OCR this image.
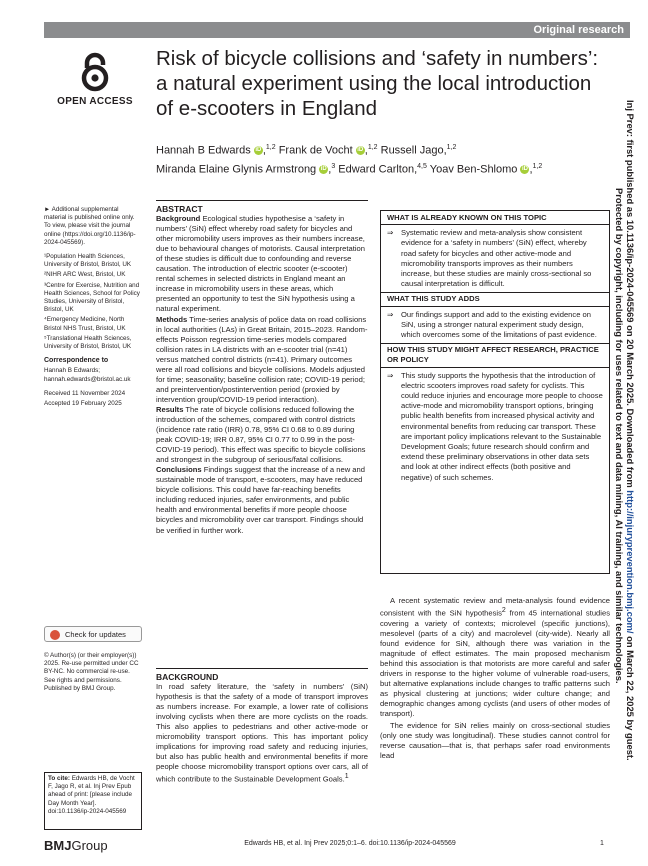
Original research
OPEN ACCESS
Risk of bicycle collisions and ‘safety in numbers’: a natural experiment using the local introduction of e-scooters in England
Hannah B Edwards iD ,$^{1,2}$ Frank de Vocht iD ,$^{1,2}$ Russell Jago,$^{1,2}$
Miranda Elaine Glynis Armstrong iD ,$^3$ Edward Carlton,$^{4,5}$ Yoav Ben-Shlomo iD ,$^{1,2}$

► Additional supplemental material is published online only. To view, please visit the journal online (https://doi.org/10.1136/ip-2024-045569).

¹Population Health Sciences, University of Bristol, Bristol, UK

²NIHR ARC West, Bristol, UK

³Centre for Exercise, Nutrition and Health Sciences, School for Policy Studies, University of Bristol, Bristol, UK

⁴Emergency Medicine, North Bristol NHS Trust, Bristol, UK

⁵Translational Health Sciences, University of Bristol, Bristol, UK

Correspondence to

Hannah B Edwards; hannah.edwards@bristol.ac.uk

Received 11 November 2024

Accepted 19 February 2025

Check for updates

© Author(s) (or their employer(s)) 2025. Re-use permitted under CC BY-NC. No commercial re-use. See rights and permissions. Published by BMJ Group.

To cite: Edwards HB, de Vocht F, Jago R, et al. Inj Prev Epub ahead of print: [please include Day Month Year]. doi:10.1136/ip-2024-045569

ABSTRACT

Background Ecological studies hypothesise a ‘safety in numbers’ (SiN) effect whereby road safety for bicycles and other micromobility users improves as their numbers increase, due to behavioural changes of motorists. Causal interpretation of these studies is difficult due to confounding and reverse causation. The introduction of electric scooter (e-scooter) rental schemes in selected districts in England meant an increase in micromobility users in these areas, which presented an opportunity to test the SiN hypothesis using a natural experiment.

Methods Time-series analysis of police data on road collisions in local authorities (LAs) in Great Britain, 2015–2023. Random-effects Poisson regression time-series models compared collision rates in LA districts with an e-scooter trial (n=41) versus matched control districts (n=41). Primary outcomes were all road collisions and bicycle collisions. Models adjusted for time; seasonality; baseline collision rate; COVID-19 period; and preintervention/postintervention period (proxied by intervention group/COVID-19 period interaction).

Results The rate of bicycle collisions reduced following the introduction of the schemes, compared with control districts (incidence rate ratio (IRR) 0.78, 95% CI 0.68 to 0.89 during peak COVID-19; IRR 0.87, 95% CI 0.77 to 0.99 in the post-COVID-19 period). This effect was specific to bicycle collisions and strongest in the subgroup of serious/fatal collisions.

Conclusions Findings suggest that the increase of a new and sustainable mode of transport, e-scooters, may have reduced bicycle collisions. This could have far-reaching benefits including reduced injuries, safer environments, and public health and environmental benefits if more people choose bicycles and micromobility over car transport. Findings should be verified in further work.

WHAT IS ALREADY KNOWN ON THIS TOPIC
⇒ Systematic review and meta-analysis show consistent evidence for a ‘safety in numbers’ (SiN) effect, whereby road safety for bicycles and other active-mode and micromobility transports improves as their numbers increase, but these studies are mainly cross-sectional so causal interpretation is difficult.
WHAT THIS STUDY ADDS
⇒ Our findings support and add to the existing evidence on SiN, using a stronger natural experiment study design, which overcomes some of the limitations of past evidence.
HOW THIS STUDY MIGHT AFFECT RESEARCH, PRACTICE OR POLICY
⇒ This study supports the hypothesis that the introduction of electric scooters improves road safety for cyclists. This could reduce injuries and encourage more people to choose active-mode and micromobility transport options, bringing public health benefits from increased physical activity and environmental benefits from reducing car transport. These are important policy implications relevant to the Sustainable Development Goals; future research should confirm and extend these preliminary observations in other data sets and look at other indirect effects (both positive and negative) of such schemes.

BACKGROUND

In road safety literature, the ‘safety in numbers’ (SiN) hypothesis is that the safety of a mode of transport improves as numbers increase. For example, a lower rate of collisions involving cyclists when there are more cyclists on the roads. This also applies to pedestrians and other active-mode or micromobility transport options. This has important policy implications for improving road safety and reducing injuries, but also has public health and environmental benefits if more people choose micromobility transport options over cars, all of which contribute to the Sustainable Development Goals.$^1$

A recent systematic review and meta-analysis found evidence consistent with the SiN hypothesis$^2$ from 45 international studies covering a variety of contexts; microlevel (specific junctions), mesolevel (parts of a city) and macrolevel (city-wide). Nearly all found evidence for SiN, although there was variation in the magnitude of effect estimates. The main proposed mechanism behind this association is that motorists are more careful and safer drivers in response to the higher volume of vulnerable road-users, but alternative explanations include changes to traffic patterns such as physical clustering at junctions; wider culture change; and demographic changes among cyclists (and users of other modes of transport).

The evidence for SiN relies mainly on cross-sectional studies (only one study was longitudinal). These studies cannot control for reverse causation—that is, that perhaps safer road environments lead

BMJGroup	Edwards HB, et al. Inj Prev 2025;0:1–6. doi:10.1136/ip-2024-045569	1
Inj Prev: first published as 10.1136/ip-2024-045569 on 20 March 2025. Downloaded from http://injuryprevention.bmj.com/ on March 22, 2025 by guest.
Protected by copyright, including for uses related to text and data mining, AI training, and similar technologies.
